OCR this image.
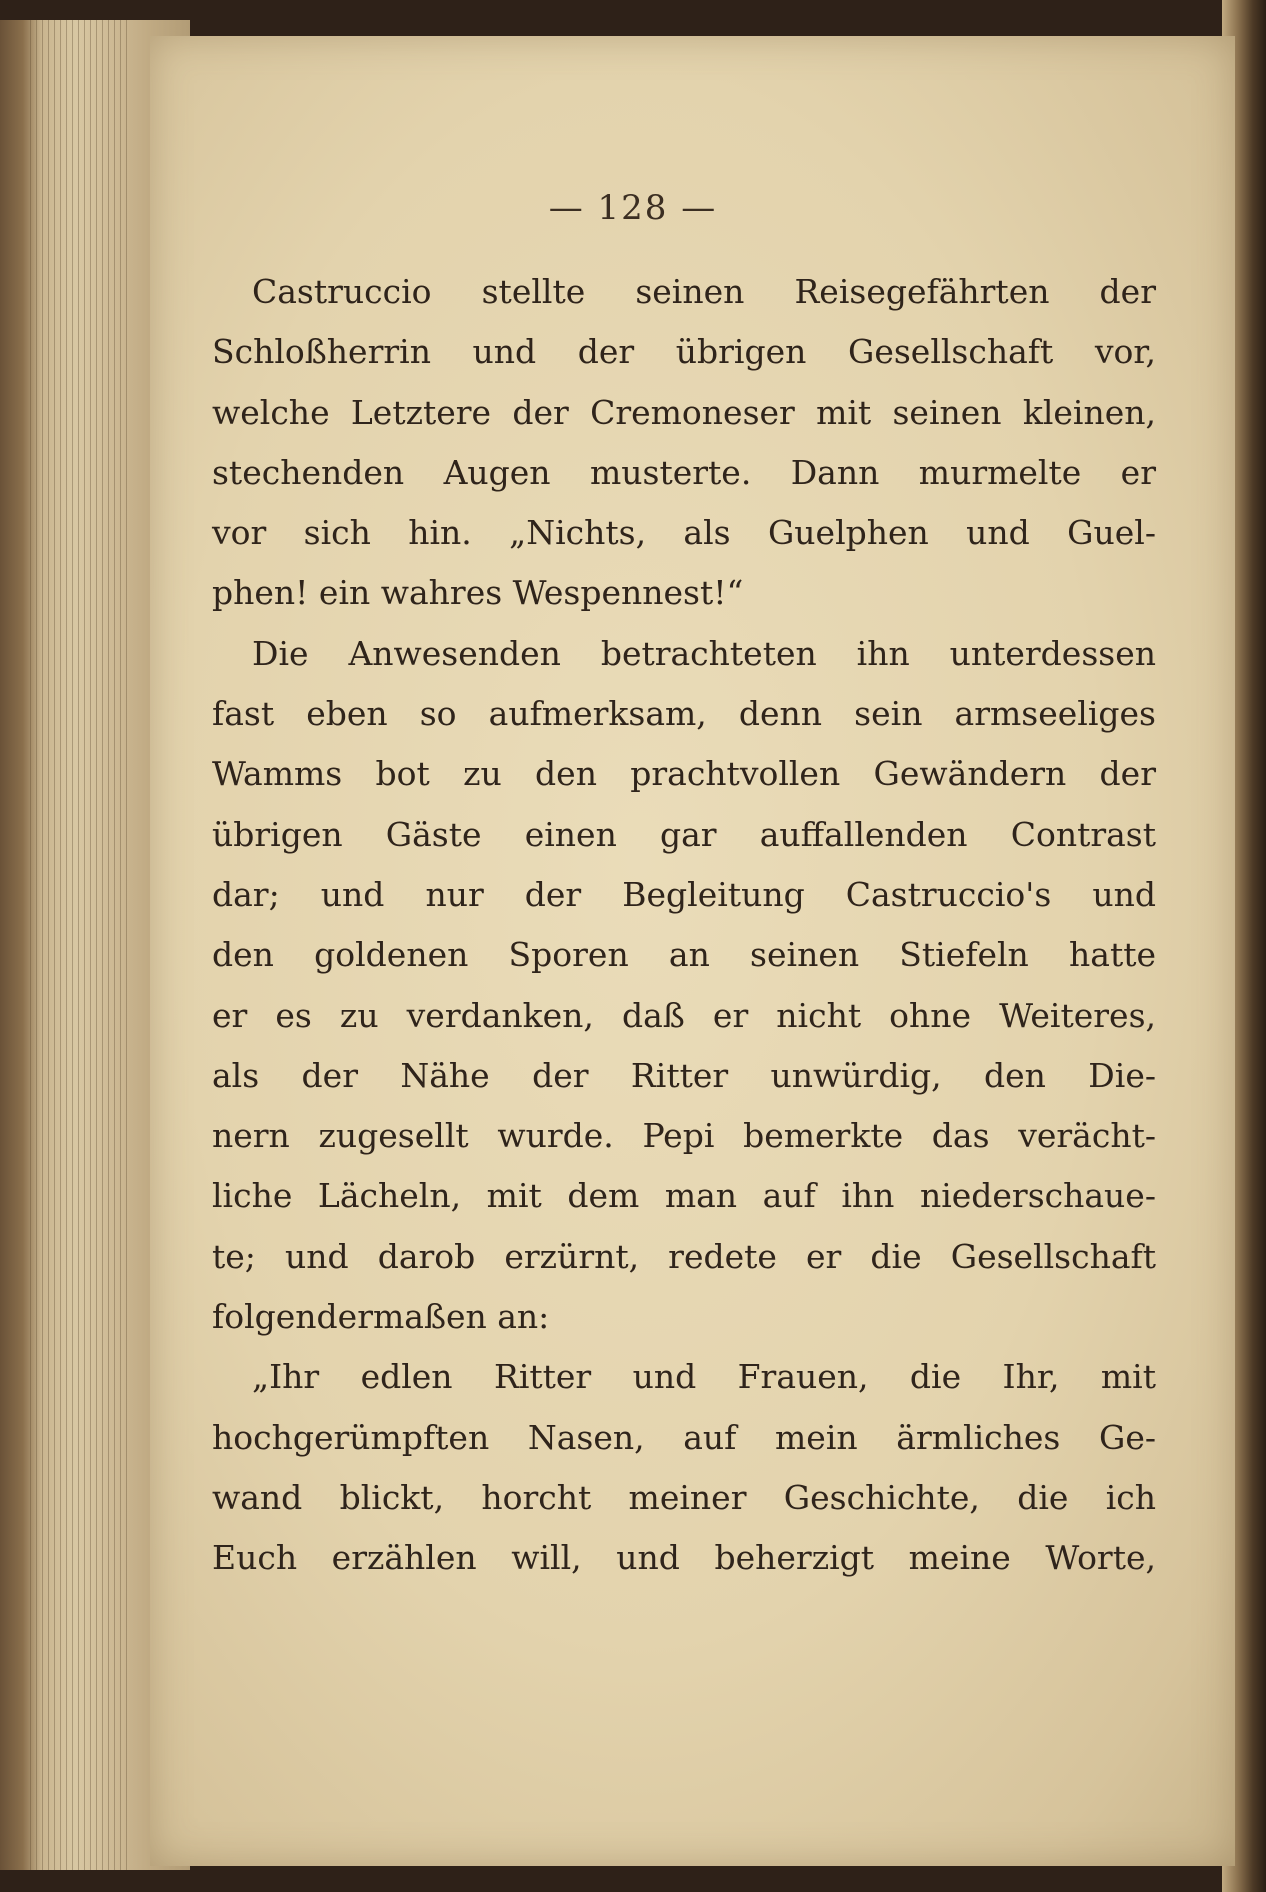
— 128 —
Castruccio stellte seinen Reisegefährten der
Schloßherrin und der übrigen Gesellschaft vor,
welche Letztere der Cremoneser mit seinen kleinen,
stechenden Augen musterte. Dann murmelte er
vor sich hin. „Nichts, als Guelphen und Guel-
phen! ein wahres Wespennest!“
Die Anwesenden betrachteten ihn unterdessen
fast eben so aufmerksam, denn sein armseeliges
Wamms bot zu den prachtvollen Gewändern der
übrigen Gäste einen gar auffallenden Contrast
dar; und nur der Begleitung Castruccio's und
den goldenen Sporen an seinen Stiefeln hatte
er es zu verdanken, daß er nicht ohne Weiteres,
als der Nähe der Ritter unwürdig, den Die-
nern zugesellt wurde. Pepi bemerkte das verächt-
liche Lächeln, mit dem man auf ihn niederschaue-
te; und darob erzürnt, redete er die Gesellschaft
folgendermaßen an:
„Ihr edlen Ritter und Frauen, die Ihr, mit
hochgerümpften Nasen, auf mein ärmliches Ge-
wand blickt, horcht meiner Geschichte, die ich
Euch erzählen will, und beherzigt meine Worte,
